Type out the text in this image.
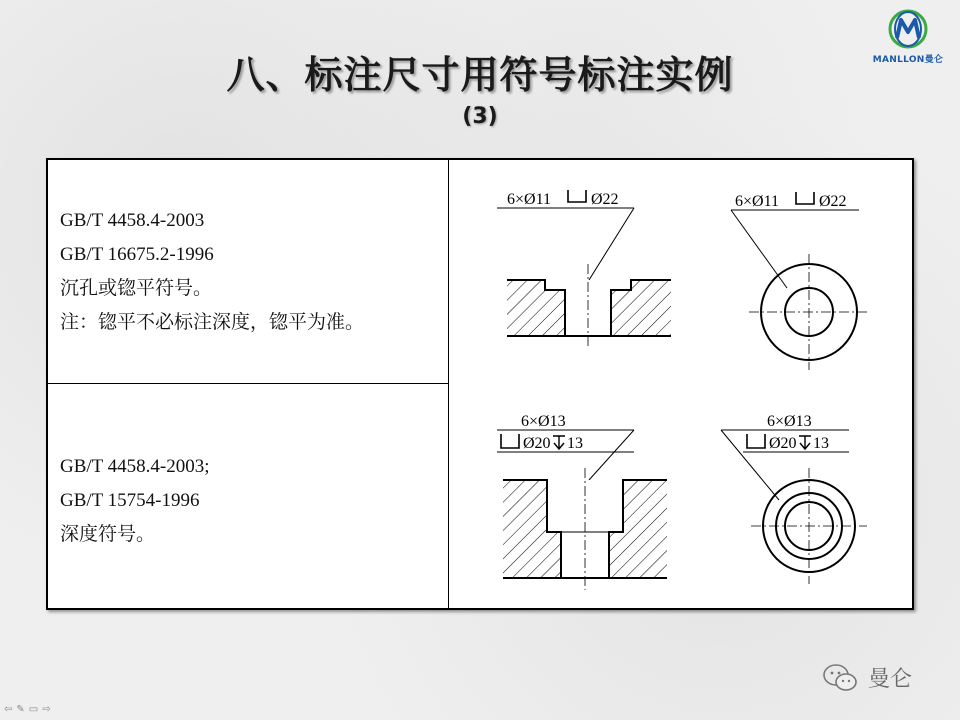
MANLLON曼仑
八、标注尺寸用符号标注实例
(3)
GB/T 4458.4-2003
GB/T 16675.2-1996
沉孔或锪平符号。
注：锪平不必标注深度，锪平为准。
GB/T 4458.4-2003;
GB/T 15754-1996
深度符号。
6×Ø11	Ø22	6×Ø11	Ø22
6×Ø13
Ø20 13
6×Ø13
Ø20 13
⇦ ✎ ▭ ⇨
曼仑
